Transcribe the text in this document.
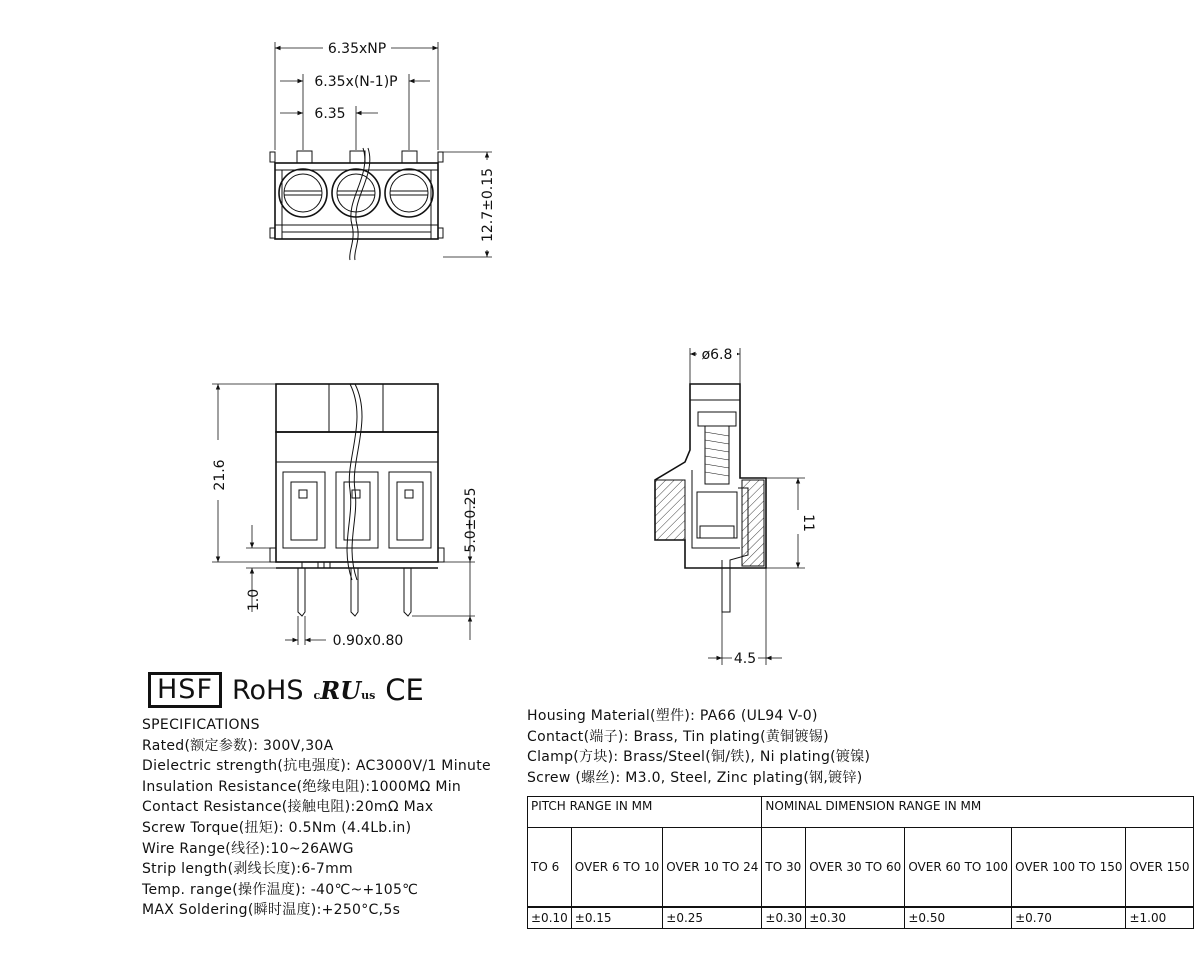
6.35xNP
6.35x(N-1)P
6.35
12.7±0.15
21.6
5.0±0.25
1.0
0.90x0.80
ø6.8
11
4.5
HSF RoHS c RU us CE
SPECIFICATIONS
Rated(额定参数): 300V,30A
Dielectric strength(抗电强度): AC3000V/1 Minute
Insulation Resistance(绝缘电阻):1000MΩ Min
Contact Resistance(接触电阻):20mΩ Max
Screw Torque(扭矩): 0.5Nm (4.4Lb.in)
Wire Range(线径):10~26AWG
Strip length(剥线长度):6-7mm
Temp. range(操作温度): -40℃~+105℃
MAX Soldering(瞬时温度):+250°C,5s
Housing Material(塑件): PA66 (UL94 V-0)
Contact(端子): Brass, Tin plating(黄铜镀锡)
Clamp(方块): Brass/Steel(铜/铁), Ni plating(镀镍)
Screw (螺丝): M3.0, Steel, Zinc plating(钢,镀锌)
PITCH RANGE IN MM			NOMINAL DIMENSION RANGE IN MM				
TO 6	OVER 6 TO 10	OVER 10 TO 24	TO 30	OVER 30 TO 60	OVER 60 TO 100	OVER 100 TO 150	OVER 150
±0.10	±0.15	±0.25	±0.30	±0.30	±0.50	±0.70	±1.00
